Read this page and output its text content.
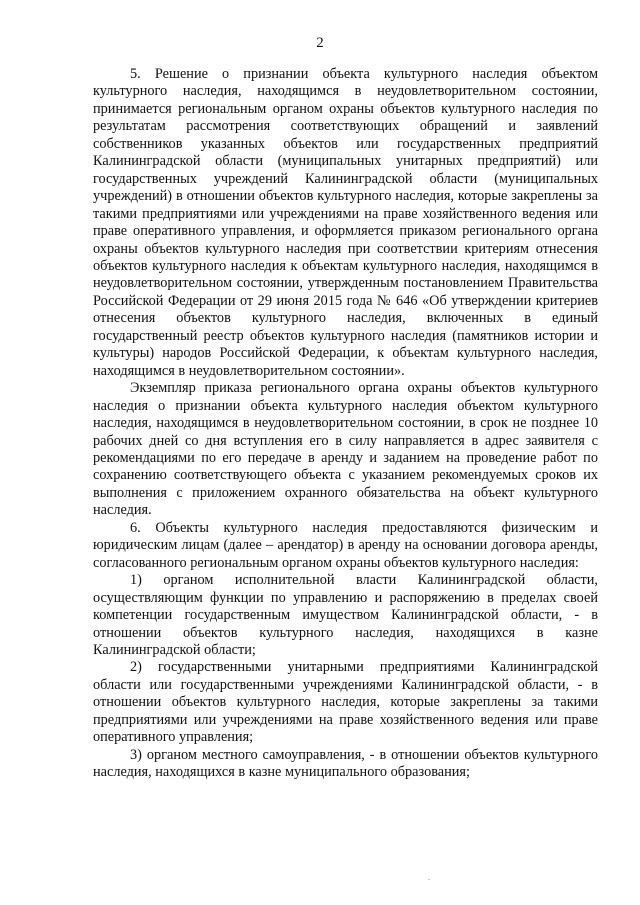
2

5. Решение о признании объекта культурного наследия объектом культурного наследия, находящимся в неудовлетворительном состоянии, принимается региональным органом охраны объектов культурного наследия по результатам рассмотрения соответствующих обращений и заявлений собственников указанных объектов или государственных предприятий Калининградской области (муниципальных унитарных предприятий) или государственных учреждений Калининградской области (муниципальных учреждений) в отношении объектов культурного наследия, которые закреплены за такими предприятиями или учреждениями на праве хозяйственного ведения или праве оперативного управления, и оформляется приказом регионального органа охраны объектов культурного наследия при соответствии критериям отнесения объектов культурного наследия к объектам культурного наследия, находящимся в неудовлетворительном состоянии, утвержденным постановлением Правительства Российской Федерации от 29 июня 2015 года № 646 «Об утверждении критериев отнесения объектов культурного наследия, включенных в единый государственный реестр объектов культурного наследия (памятников истории и культуры) народов Российской Федерации, к объектам культурного наследия, находящимся в неудовлетворительном состоянии».

Экземпляр приказа регионального органа охраны объектов культурного наследия о признании объекта культурного наследия объектом культурного наследия, находящимся в неудовлетворительном состоянии, в срок не позднее 10 рабочих дней со дня вступления его в силу направляется в адрес заявителя с рекомендациями по его передаче в аренду и заданием на проведение работ по сохранению соответствующего объекта с указанием рекомендуемых сроков их выполнения с приложением охранного обязательства на объект культурного наследия.

6. Объекты культурного наследия предоставляются физическим и юридическим лицам (далее – арендатор) в аренду на основании договора аренды, согласованного региональным органом охраны объектов культурного наследия:

1) органом исполнительной власти Калининградской области, осуществляющим функции по управлению и распоряжению в пределах своей компетенции государственным имуществом Калининградской области, - в отношении объектов культурного наследия, находящихся в казне Калининградской области;

2) государственными унитарными предприятиями Калининградской области или государственными учреждениями Калининградской области, - в отношении объектов культурного наследия, которые закреплены за такими предприятиями или учреждениями на праве хозяйственного ведения или праве оперативного управления;

3) органом местного самоуправления, - в отношении объектов культурного наследия, находящихся в казне муниципального образования;

.
